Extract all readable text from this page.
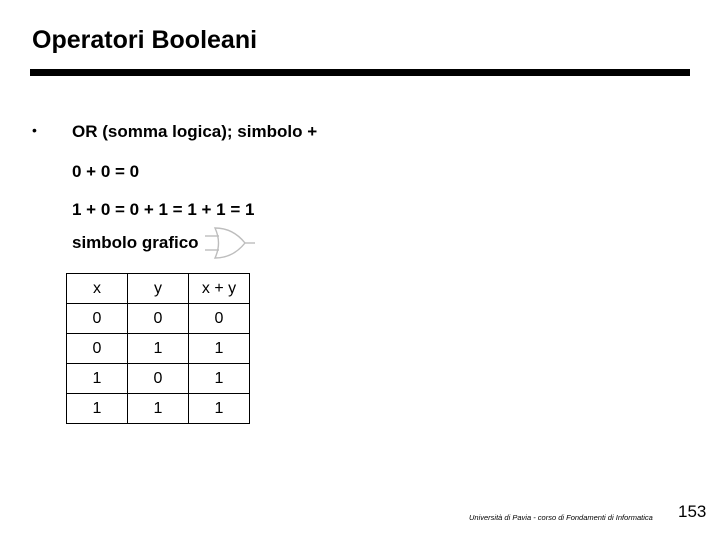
Operatori Booleani
• OR (somma logica); simbolo +
0 + 0 = 0
1 + 0 = 0 + 1 = 1 + 1 = 1
simbolo grafico
x	y	x + y
0	0	0
0	1	1
1	0	1
1	1	1
Università di Pavia - corso di Fondamenti di Informatica 153
